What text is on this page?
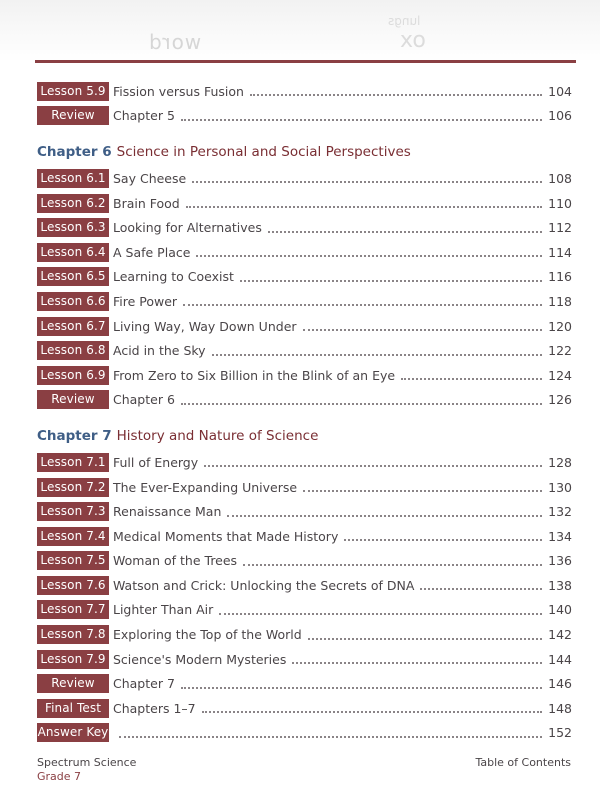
word
lungs
ox
Lesson 5.9 Fission versus Fusion	104
Review	Chapter 5	106
Chapter 6 Science in Personal and Social Perspectives
Lesson 6.1 Say Cheese	108
Lesson 6.2 Brain Food	110
Lesson 6.3 Looking for Alternatives	112
Lesson 6.4 A Safe Place	114
Lesson 6.5 Learning to Coexist	116
Lesson 6.6 Fire Power	118
Lesson 6.7 Living Way, Way Down Under	120
Lesson 6.8 Acid in the Sky	122
Lesson 6.9 From Zero to Six Billion in the Blink of an Eye	124
Review	Chapter 6	126
Chapter 7 History and Nature of Science
Lesson 7.1 Full of Energy	128
Lesson 7.2 The Ever-Expanding Universe	130
Lesson 7.3 Renaissance Man	132
Lesson 7.4 Medical Moments that Made History	134
Lesson 7.5 Woman of the Trees	136
Lesson 7.6 Watson and Crick: Unlocking the Secrets of DNA	138
Lesson 7.7 Lighter Than Air	140
Lesson 7.8 Exploring the Top of the World	142
Lesson 7.9 Science's Modern Mysteries	144
Review	Chapter 7	146
Final Test Chapters 1–7	148
Answer Key	152
Spectrum Science
Grade 7
Table of Contents
